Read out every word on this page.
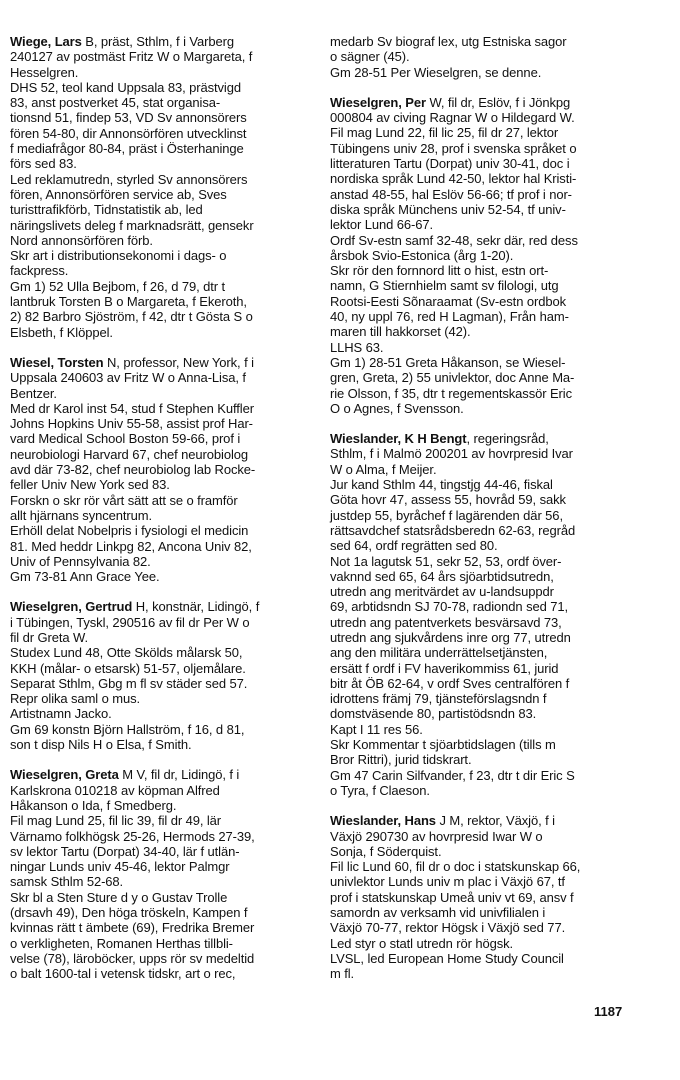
Wiege, Lars B, präst, Sthlm, f i Varberg
240127 av postmäst Fritz W o Margareta, f
Hesselgren.
DHS 52, teol kand Uppsala 83, prästvigd
83, anst postverket 45, stat organisa-
tionsnd 51, findep 53, VD Sv annonsörers
fören 54-80, dir Annonsörfören utvecklinst
f mediafrågor 80-84, präst i Österhaninge
förs sed 83.
Led reklamutredn, styrled Sv annonsörers
fören, Annonsörfören service ab, Sves
turisttrafikförb, Tidnstatistik ab, led
näringslivets deleg f marknadsrätt, gensekr
Nord annonsörfören förb.
Skr art i distributionsekonomi i dags- o
fackpress.
Gm 1) 52 Ulla Bejbom, f 26, d 79, dtr t
lantbruk Torsten B o Margareta, f Ekeroth,
2) 82 Barbro Sjöström, f 42, dtr t Gösta S o
Elsbeth, f Klöppel.
Wiesel, Torsten N, professor, New York, f i
Uppsala 240603 av Fritz W o Anna-Lisa, f
Bentzer.
Med dr Karol inst 54, stud f Stephen Kuffler
Johns Hopkins Univ 55-58, assist prof Har-
vard Medical School Boston 59-66, prof i
neurobiologi Harvard 67, chef neurobiolog
avd där 73-82, chef neurobiolog lab Rocke-
feller Univ New York sed 83.
Forskn o skr rör vårt sätt att se o framför
allt hjärnans syncentrum.
Erhöll delat Nobelpris i fysiologi el medicin
81. Med heddr Linkpg 82, Ancona Univ 82,
Univ of Pennsylvania 82.
Gm 73-81 Ann Grace Yee.
Wieselgren, Gertrud H, konstnär, Lidingö, f
i Tübingen, Tyskl, 290516 av fil dr Per W o
fil dr Greta W.
Studex Lund 48, Otte Skölds målarsk 50,
KKH (målar- o etsarsk) 51-57, oljemålare.
Separat Sthlm, Gbg m fl sv städer sed 57.
Repr olika saml o mus.
Artistnamn Jacko.
Gm 69 konstn Björn Hallström, f 16, d 81,
son t disp Nils H o Elsa, f Smith.
Wieselgren, Greta M V, fil dr, Lidingö, f i
Karlskrona 010218 av köpman Alfred
Håkanson o Ida, f Smedberg.
Fil mag Lund 25, fil lic 39, fil dr 49, lär
Värnamo folkhögsk 25-26, Hermods 27-39,
sv lektor Tartu (Dorpat) 34-40, lär f utlän-
ningar Lunds univ 45-46, lektor Palmgr
samsk Sthlm 52-68.
Skr bl a Sten Sture d y o Gustav Trolle
(drsavh 49), Den höga tröskeln, Kampen f
kvinnas rätt t ämbete (69), Fredrika Bremer
o verkligheten, Romanen Herthas tillbli-
velse (78), läroböcker, upps rör sv medeltid
o balt 1600-tal i vetensk tidskr, art o rec,
medarb Sv biograf lex, utg Estniska sagor
o sägner (45).
Gm 28-51 Per Wieselgren, se denne.
Wieselgren, Per W, fil dr, Eslöv, f i Jönkpg
000804 av civing Ragnar W o Hildegard W.
Fil mag Lund 22, fil lic 25, fil dr 27, lektor
Tübingens univ 28, prof i svenska språket o
litteraturen Tartu (Dorpat) univ 30-41, doc i
nordiska språk Lund 42-50, lektor hal Kristi-
anstad 48-55, hal Eslöv 56-66; tf prof i nor-
diska språk Münchens univ 52-54, tf univ-
lektor Lund 66-67.
Ordf Sv-estn samf 32-48, sekr där, red dess
årsbok Svio-Estonica (årg 1-20).
Skr rör den fornnord litt o hist, estn ort-
namn, G Stiernhielm samt sv filologi, utg
Rootsi-Eesti Sõnaraamat (Sv-estn ordbok
40, ny uppl 76, red H Lagman), Från ham-
maren till hakkorset (42).
LLHS 63.
Gm 1) 28-51 Greta Håkanson, se Wiesel-
gren, Greta, 2) 55 univlektor, doc Anne Ma-
rie Olsson, f 35, dtr t regementskassör Eric
O o Agnes, f Svensson.
Wieslander, K H Bengt, regeringsråd,
Sthlm, f i Malmö 200201 av hovrpresid Ivar
W o Alma, f Meijer.
Jur kand Sthlm 44, tingstjg 44-46, fiskal
Göta hovr 47, assess 55, hovråd 59, sakk
justdep 55, byråchef f lagärenden där 56,
rättsavdchef statsrådsberedn 62-63, regråd
sed 64, ordf regrätten sed 80.
Not 1a lagutsk 51, sekr 52, 53, ordf över-
vaknnd sed 65, 64 års sjöarbtidsutredn,
utredn ang meritvärdet av u-landsuppdr
69, arbtidsndn SJ 70-78, radiondn sed 71,
utredn ang patentverkets besvärsavd 73,
utredn ang sjukvårdens inre org 77, utredn
ang den militära underrättelsetjänsten,
ersätt f ordf i FV haverikommiss 61, jurid
bitr åt ÖB 62-64, v ordf Sves centralfören f
idrottens främj 79, tjänsteförslagsndn f
domstväsende 80, partistödsndn 83.
Kapt I 11 res 56.
Skr Kommentar t sjöarbtidslagen (tills m
Bror Rittri), jurid tidskrart.
Gm 47 Carin Silfvander, f 23, dtr t dir Eric S
o Tyra, f Claeson.
Wieslander, Hans J M, rektor, Växjö, f i
Växjö 290730 av hovrpresid Iwar W o
Sonja, f Söderquist.
Fil lic Lund 60, fil dr o doc i statskunskap 66,
univlektor Lunds univ m plac i Växjö 67, tf
prof i statskunskap Umeå univ vt 69, ansv f
samordn av verksamh vid univfilialen i
Växjö 70-77, rektor Högsk i Växjö sed 77.
Led styr o statl utredn rör högsk.
LVSL, led European Home Study Council
m fl.
1187
